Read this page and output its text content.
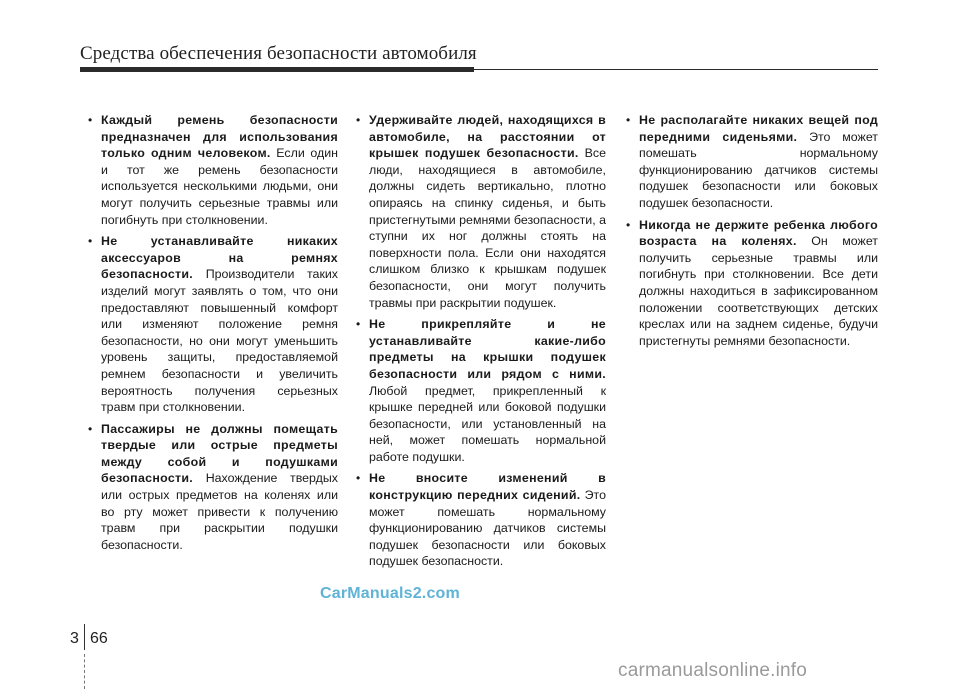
Средства обеспечения безопасности автомобиля
• Каждый ремень безопасности предназначен для использования только одним человеком. Если один и тот же ремень безопасности используется несколькими людьми, они могут получить серьезные травмы или погибнуть при столкновении.
• Не устанавливайте никаких аксессуаров на ремнях безопасности. Производители таких изделий могут заявлять о том, что они предоставляют повышенный комфорт или изменяют положение ремня безопасности, но они могут уменьшить уровень защиты, предоставляемой ремнем безопасности и увеличить вероятность получения серьезных травм при столкновении.
• Пассажиры не должны помещать твердые или острые предметы между собой и подушками безопасности. Нахождение твердых или острых предметов на коленях или во рту может привести к получению травм при раскрытии подушки безопасности.
• Удерживайте людей, находящихся в автомобиле, на расстоянии от крышек подушек безопасности. Все люди, находящиеся в автомобиле, должны сидеть вертикально, плотно опираясь на спинку сиденья, и быть пристегнутыми ремнями безопасности, а ступни их ног должны стоять на поверхности пола. Если они находятся слишком близко к крышкам подушек безопасности, они могут получить травмы при раскрытии подушек.
• Не прикрепляйте и не устанавливайте какие-либо предметы на крышки подушек безопасности или рядом с ними. Любой предмет, прикрепленный к крышке передней или боковой подушки безопасности, или установленный на ней, может помешать нормальной работе подушки.
• Не вносите изменений в конструкцию передних сидений. Это может помешать нормальному функционированию датчиков системы подушек безопасности или боковых подушек безопасности.
• Не располагайте никаких вещей под передними сиденьями. Это может помешать нормальному функционированию датчиков системы подушек безопасности или боковых подушек безопасности.
• Никогда не держите ребенка любого возраста на коленях. Он может получить серьезные травмы или погибнуть при столкновении. Все дети должны находиться в зафиксированном положении соответствующих детских креслах или на заднем сиденье, будучи пристегнуты ремнями безопасности.
CarManuals2.com
3 66
carmanualsonline.info
